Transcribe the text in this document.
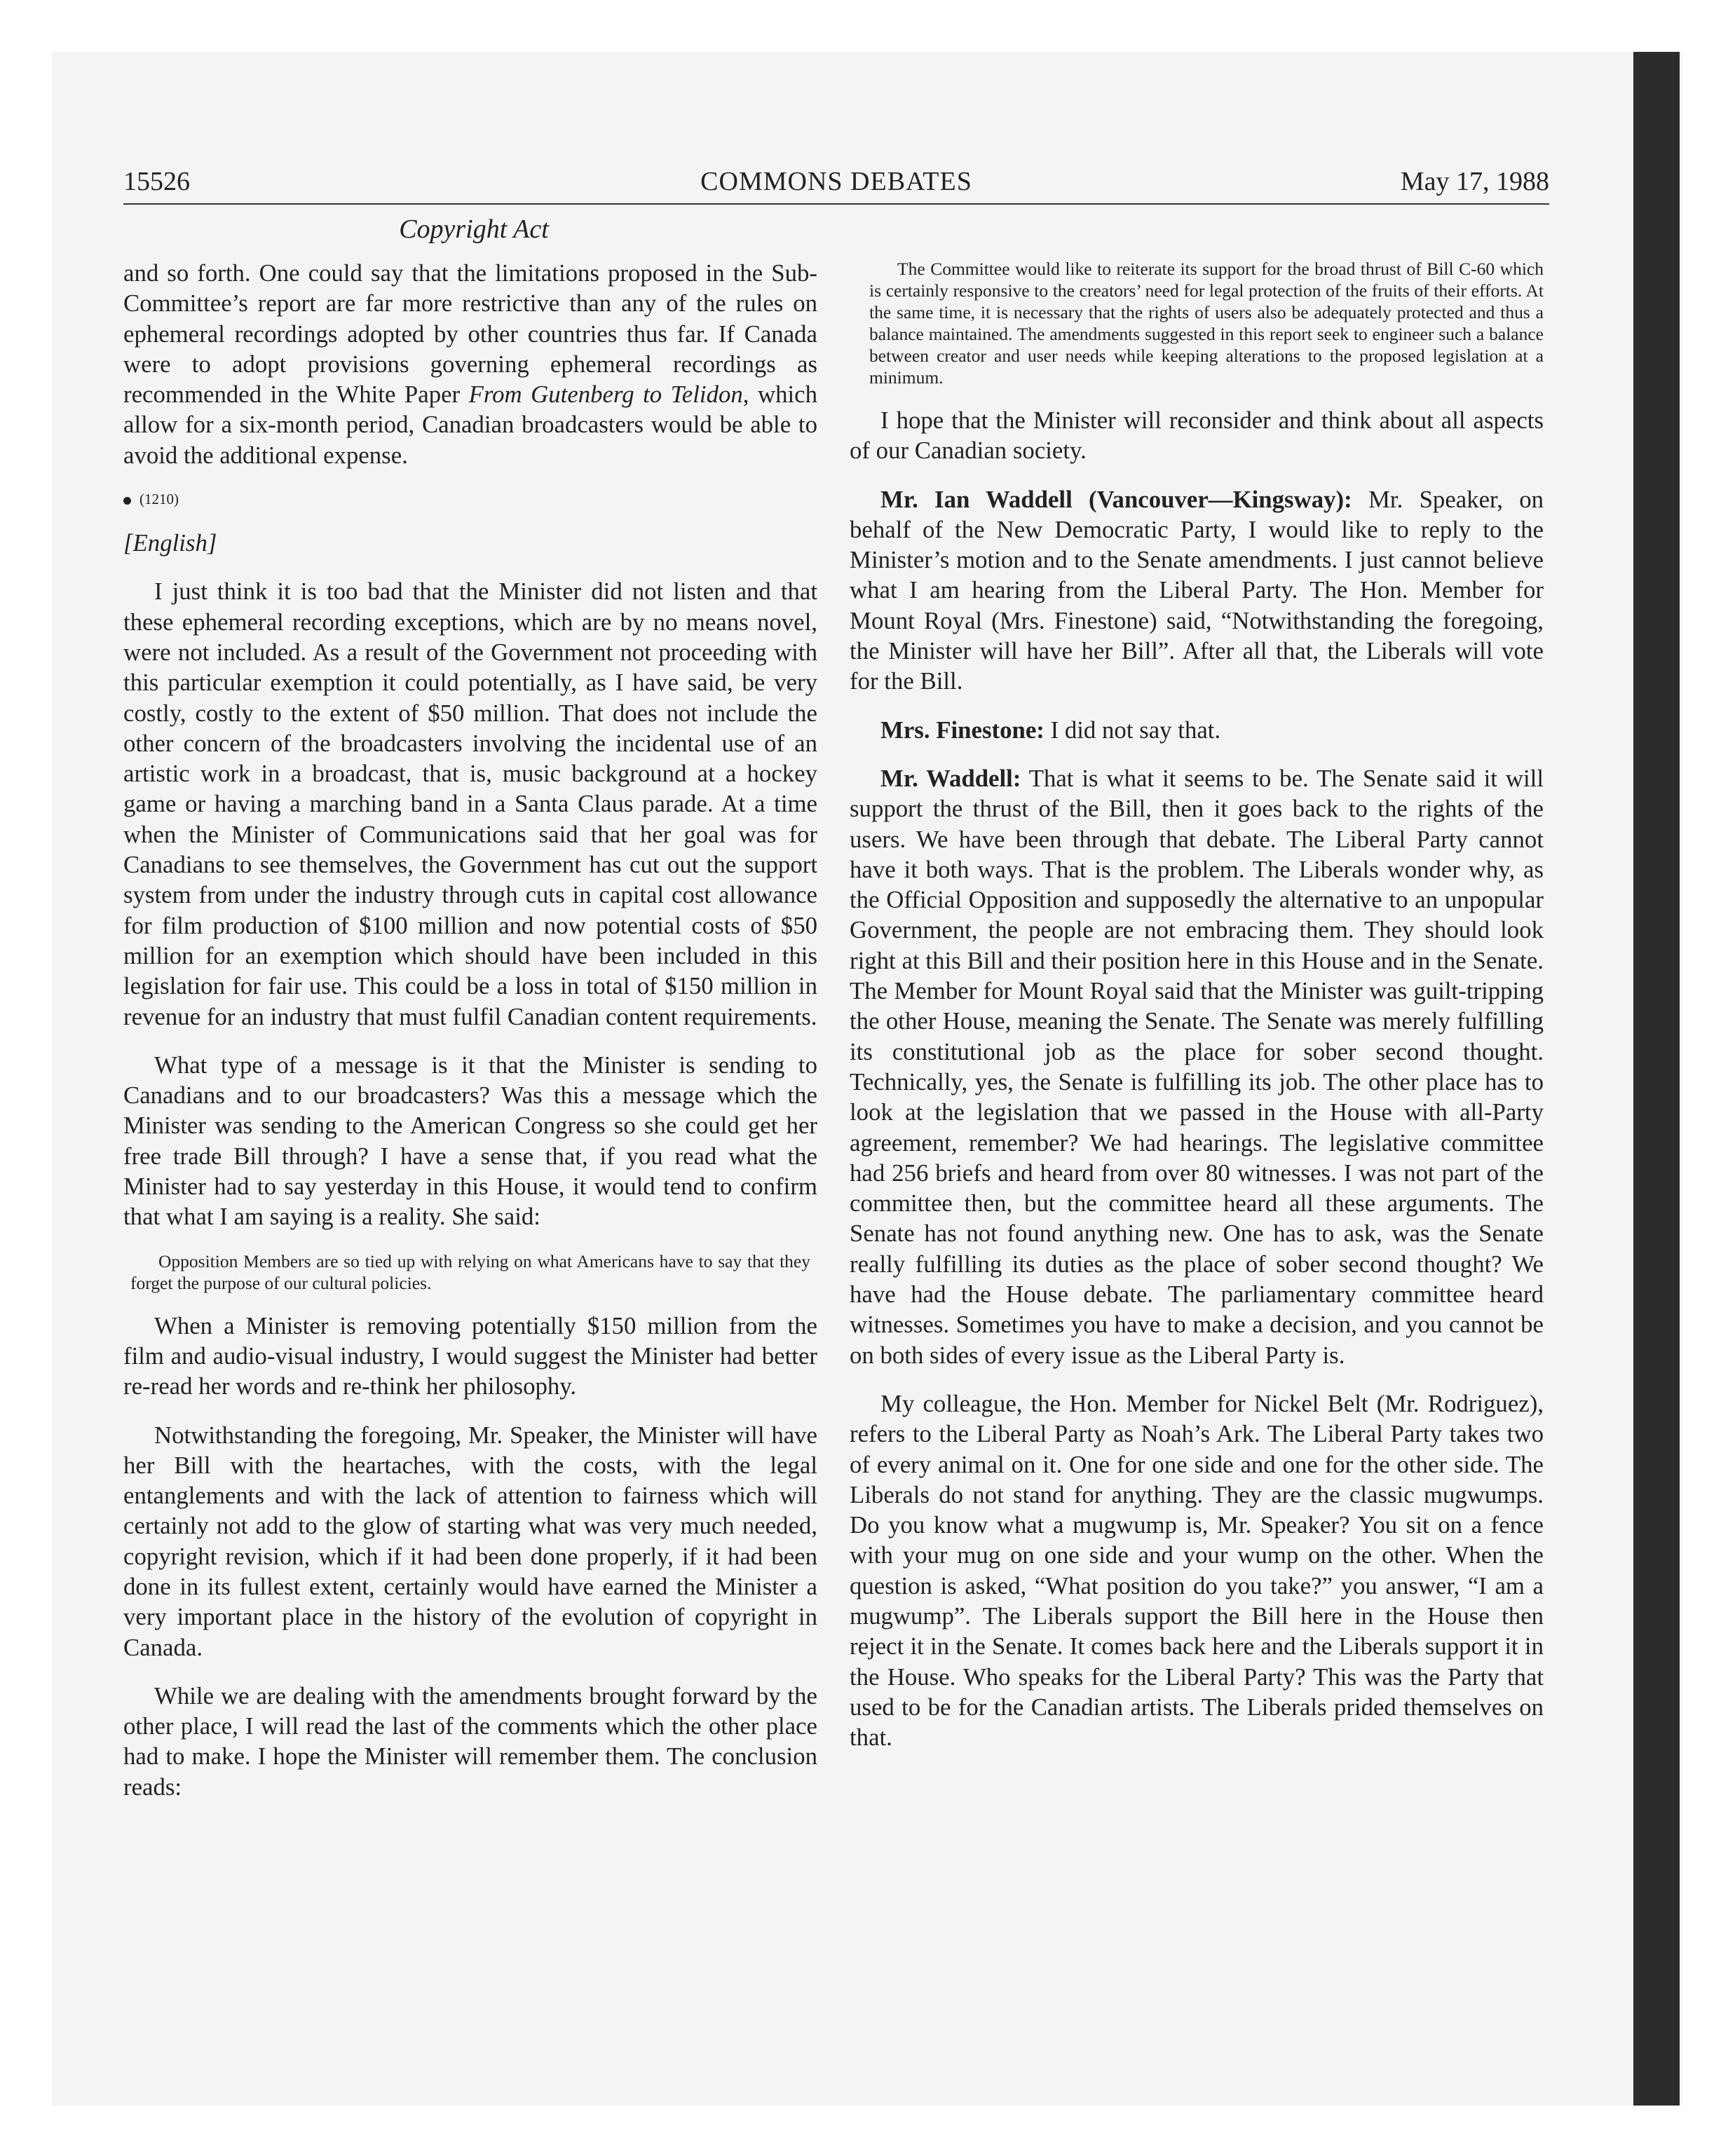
15526	COMMONS DEBATES	May 17, 1988
Copyright Act

and so forth. One could say that the limitations proposed in the Sub-Committee’s report are far more restrictive than any of the rules on ephemeral recordings adopted by other countries thus far. If Canada were to adopt provisions governing ephemeral recordings as recommended in the White Paper From Gutenberg to Telidon, which allow for a six-month period, Canadian broadcasters would be able to avoid the additional expense.

(1210)

[English]

I just think it is too bad that the Minister did not listen and that these ephemeral recording exceptions, which are by no means novel, were not included. As a result of the Government not proceeding with this particular exemption it could potentially, as I have said, be very costly, costly to the extent of $50 million. That does not include the other concern of the broadcasters involving the incidental use of an artistic work in a broadcast, that is, music background at a hockey game or having a marching band in a Santa Claus parade. At a time when the Minister of Communications said that her goal was for Canadians to see themselves, the Government has cut out the support system from under the industry through cuts in capital cost allowance for film production of $100 million and now potential costs of $50 million for an exemption which should have been included in this legislation for fair use. This could be a loss in total of $150 million in revenue for an industry that must fulfil Canadian content requirements.

What type of a message is it that the Minister is sending to Canadians and to our broadcasters? Was this a message which the Minister was sending to the American Congress so she could get her free trade Bill through? I have a sense that, if you read what the Minister had to say yesterday in this House, it would tend to confirm that what I am saying is a reality. She said:

Opposition Members are so tied up with relying on what Americans have to say that they forget the purpose of our cultural policies.

When a Minister is removing potentially $150 million from the film and audio-visual industry, I would suggest the Minister had better re-read her words and re-think her philosophy.

Notwithstanding the foregoing, Mr. Speaker, the Minister will have her Bill with the heartaches, with the costs, with the legal entanglements and with the lack of attention to fairness which will certainly not add to the glow of starting what was very much needed, copyright revision, which if it had been done properly, if it had been done in its fullest extent, certainly would have earned the Minister a very important place in the history of the evolution of copyright in Canada.

While we are dealing with the amendments brought forward by the other place, I will read the last of the comments which the other place had to make. I hope the Minister will remember them. The conclusion reads:

The Committee would like to reiterate its support for the broad thrust of Bill C-60 which is certainly responsive to the creators’ need for legal protection of the fruits of their efforts. At the same time, it is necessary that the rights of users also be adequately protected and thus a balance maintained. The amendments suggested in this report seek to engineer such a balance between creator and user needs while keeping alterations to the proposed legislation at a minimum.

I hope that the Minister will reconsider and think about all aspects of our Canadian society.

Mr. Ian Waddell (Vancouver—Kingsway): Mr. Speaker, on behalf of the New Democratic Party, I would like to reply to the Minister’s motion and to the Senate amendments. I just cannot believe what I am hearing from the Liberal Party. The Hon. Member for Mount Royal (Mrs. Finestone) said, “Notwithstanding the foregoing, the Minister will have her Bill”. After all that, the Liberals will vote for the Bill.

Mrs. Finestone: I did not say that.

Mr. Waddell: That is what it seems to be. The Senate said it will support the thrust of the Bill, then it goes back to the rights of the users. We have been through that debate. The Liberal Party cannot have it both ways. That is the problem. The Liberals wonder why, as the Official Opposition and supposedly the alternative to an unpopular Government, the people are not embracing them. They should look right at this Bill and their position here in this House and in the Senate. The Member for Mount Royal said that the Minister was guilt-tripping the other House, meaning the Senate. The Senate was merely fulfilling its constitutional job as the place for sober second thought. Technically, yes, the Senate is fulfilling its job. The other place has to look at the legislation that we passed in the House with all-Party agreement, remember? We had hearings. The legislative committee had 256 briefs and heard from over 80 witnesses. I was not part of the committee then, but the committee heard all these arguments. The Senate has not found anything new. One has to ask, was the Senate really fulfilling its duties as the place of sober second thought? We have had the House debate. The parliamentary committee heard witnesses. Sometimes you have to make a decision, and you cannot be on both sides of every issue as the Liberal Party is.

My colleague, the Hon. Member for Nickel Belt (Mr. Rodriguez), refers to the Liberal Party as Noah’s Ark. The Liberal Party takes two of every animal on it. One for one side and one for the other side. The Liberals do not stand for anything. They are the classic mugwumps. Do you know what a mugwump is, Mr. Speaker? You sit on a fence with your mug on one side and your wump on the other. When the question is asked, “What position do you take?” you answer, “I am a mugwump”. The Liberals support the Bill here in the House then reject it in the Senate. It comes back here and the Liberals support it in the House. Who speaks for the Liberal Party? This was the Party that used to be for the Canadian artists. The Liberals prided themselves on that.
